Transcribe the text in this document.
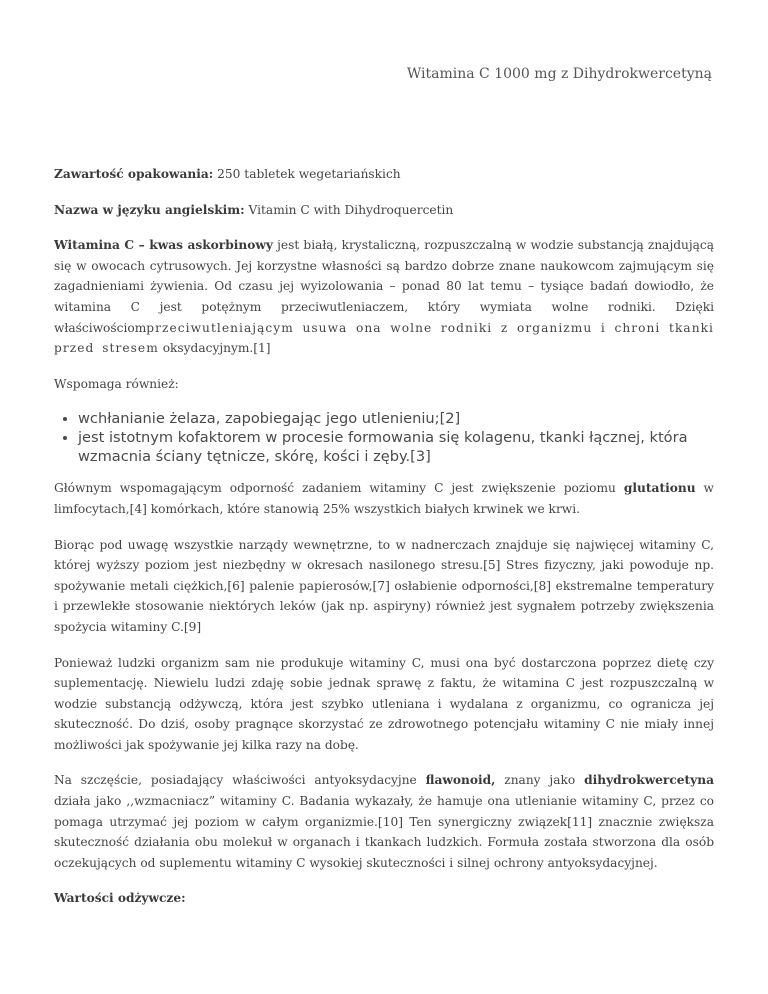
Witamina C 1000 mg z Dihydrokwercetyną

Zawartość opakowania: 250 tabletek wegetariańskich

Nazwa w języku angielskim: Vitamin C with Dihydroquercetin

Witamina C – kwas askorbinowy jest białą, krystaliczną, rozpuszczalną w wodzie substancją znajdującą się w owocach cytrusowych. Jej korzystne własności są bardzo dobrze znane naukowcom zajmującym się zagadnieniami żywienia. Od czasu jej wyizolowania – ponad 80 lat temu – tysiące badań dowiodło, że witamina C jest potężnym przeciwutleniaczem, który wymiata wolne rodniki. Dzięki właściwościomprzeciwutleniającym usuwa ona wolne rodniki z organizmu i chroni tkanki przed stresem oksydacyjnym.[1]

Wspomaga również:

• wchłanianie żelaza, zapobiegając jego utlenieniu;[2]
• jest istotnym kofaktorem w procesie formowania się kolagenu, tkanki łącznej, która wzmacnia ściany tętnicze, skórę, kości i zęby.[3]

Głównym wspomagającym odporność zadaniem witaminy C jest zwiększenie poziomu glutationu w limfocytach,[4] komórkach, które stanowią 25% wszystkich białych krwinek we krwi.

Biorąc pod uwagę wszystkie narządy wewnętrzne, to w nadnerczach znajduje się najwięcej witaminy C, której wyższy poziom jest niezbędny w okresach nasilonego stresu.[5] Stres fizyczny, jaki powoduje np. spożywanie metali ciężkich,[6] palenie papierosów,[7] osłabienie odporności,[8] ekstremalne temperatury i przewlekłe stosowanie niektórych leków (jak np. aspiryny) również jest sygnałem potrzeby zwiększenia spożycia witaminy C.[9]

Ponieważ ludzki organizm sam nie produkuje witaminy C, musi ona być dostarczona poprzez dietę czy suplementację. Niewielu ludzi zdaję sobie jednak sprawę z faktu, że witamina C jest rozpuszczalną w wodzie substancją odżywczą, która jest szybko utleniana i wydalana z organizmu, co ogranicza jej skuteczność. Do dziś, osoby pragnące skorzystać ze zdrowotnego potencjału witaminy C nie miały innej możliwości jak spożywanie jej kilka razy na dobę.

Na szczęście, posiadający właściwości antyoksydacyjne flawonoid, znany jako dihydrokwercetyna działa jako ,,wzmacniacz” witaminy C. Badania wykazały, że hamuje ona utlenianie witaminy C, przez co pomaga utrzymać jej poziom w całym organizmie.[10] Ten synergiczny związek[11] znacznie zwiększa skuteczność działania obu molekuł w organach i tkankach ludzkich. Formuła została stworzona dla osób oczekujących od suplementu witaminy C wysokiej skuteczności i silnej ochrony antyoksydacyjnej.

Wartości odżywcze:
